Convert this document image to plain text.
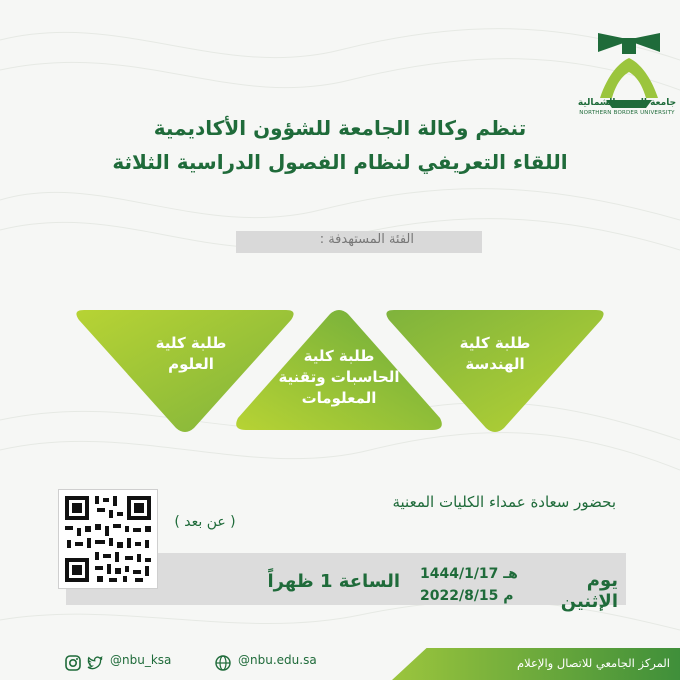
جامعة الحدود الشمالية
NORTHERN BORDER UNIVERSITY
تنظم وكالة الجامعة للشؤون الأكاديمية
اللقاء التعريفي لنظام الفصول الدراسية الثلاثة
الفئة المستهدفة :
طلبة كلية
الهندسة
طلبة كلية
الحاسبات وتقنية
المعلومات
طلبة كلية
العلوم
بحضور سعادة عمداء الكليات المعنية
( عن بعد )
يوم الإثنين
1444/1/17 هـ
2022/8/15 م
الساعة 1 ظهراً
المركز الجامعي للاتصال والإعلام
@nbu_ksa	@nbu.edu.sa
